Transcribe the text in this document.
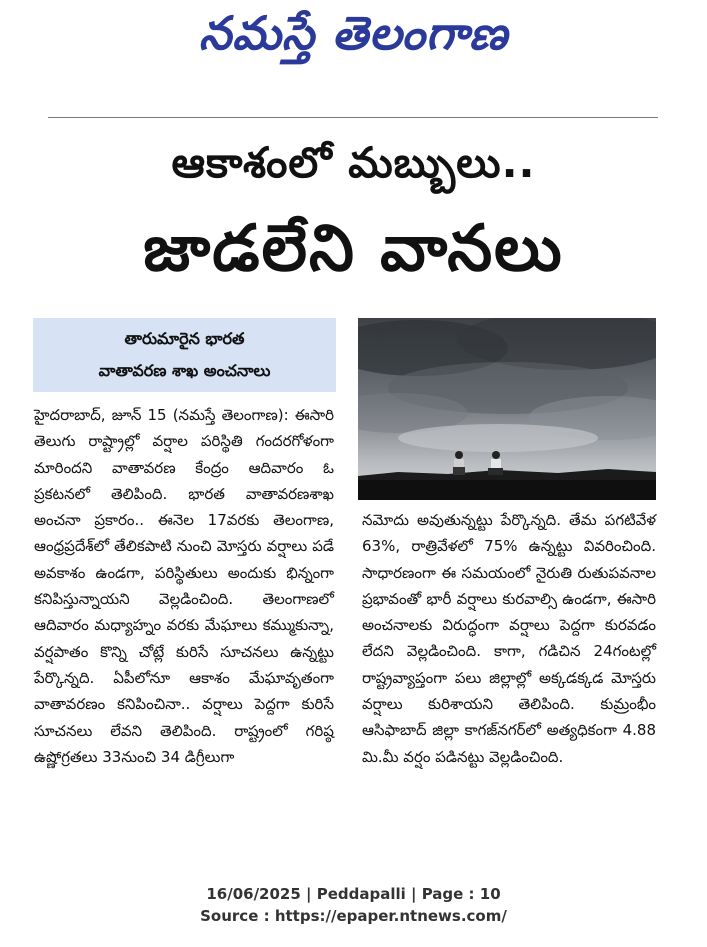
నమస్తే తెలంగాణ
ఆకాశంలో మబ్బులు..
జాడలేని వానలు
తారుమారైన భారత
వాతావరణ శాఖ అంచనాలు

హైదరాబాద్, జూన్ 15 (నమస్తే తెలంగాణ): ఈసారి తెలుగు రాష్ట్రాల్లో వర్షాల పరిస్థితి గందరగోళంగా మారిందని వాతావరణ కేంద్రం ఆదివారం ఓ ప్రకటనలో తెలిపింది. భారత వాతావరణశాఖ అంచనా ప్రకారం.. ఈనెల 17వరకు తెలంగాణ, ఆంధ్రప్రదేశ్‌లో తేలికపాటి నుంచి మోస్తరు వర్షాలు పడే అవకాశం ఉండగా, పరిస్థితులు అందుకు భిన్నంగా కనిపిస్తున్నాయని వెల్లడించింది. తెలంగాణలో ఆదివారం మధ్యాహ్నం వరకు మేఘాలు కమ్ముకున్నా, వర్షపాతం కొన్ని చోట్లే కురిసే సూచనలు ఉన్నట్టు పేర్కొన్నది. ఏపీలోనూ ఆకాశం మేఘావృతంగా వాతావరణం కనిపించినా.. వర్షాలు పెద్దగా కురిసే సూచనలు లేవని తెలిపింది. రాష్ట్రంలో గరిష్ఠ ఉష్ణోగ్రతలు 33నుంచి 34 డిగ్రీలుగా

నమోదు అవుతున్నట్టు పేర్కొన్నది. తేమ పగటివేళ 63%, రాత్రివేళలో 75% ఉన్నట్టు వివరించింది. సాధారణంగా ఈ సమయంలో నైరుతి రుతుపవనాల ప్రభావంతో భారీ వర్షాలు కురవాల్సి ఉండగా, ఈసారి అంచనాలకు విరుద్ధంగా వర్షాలు పెద్దగా కురవడం లేదని వెల్లడించింది. కాగా, గడిచిన 24గంటల్లో రాష్ట్రవ్యాప్తంగా పలు జిల్లాల్లో అక్కడక్కడ మోస్తరు వర్షాలు కురిశాయని తెలిపింది. కుమ్రంభీం ఆసిఫాబాద్ జిల్లా కాగజ్‌నగర్‌లో అత్యధికంగా 4.88 మి.మీ వర్షం పడినట్టు వెల్లడించింది.

16/06/2025 | Peddapalli | Page : 10
Source : https://epaper.ntnews.com/
